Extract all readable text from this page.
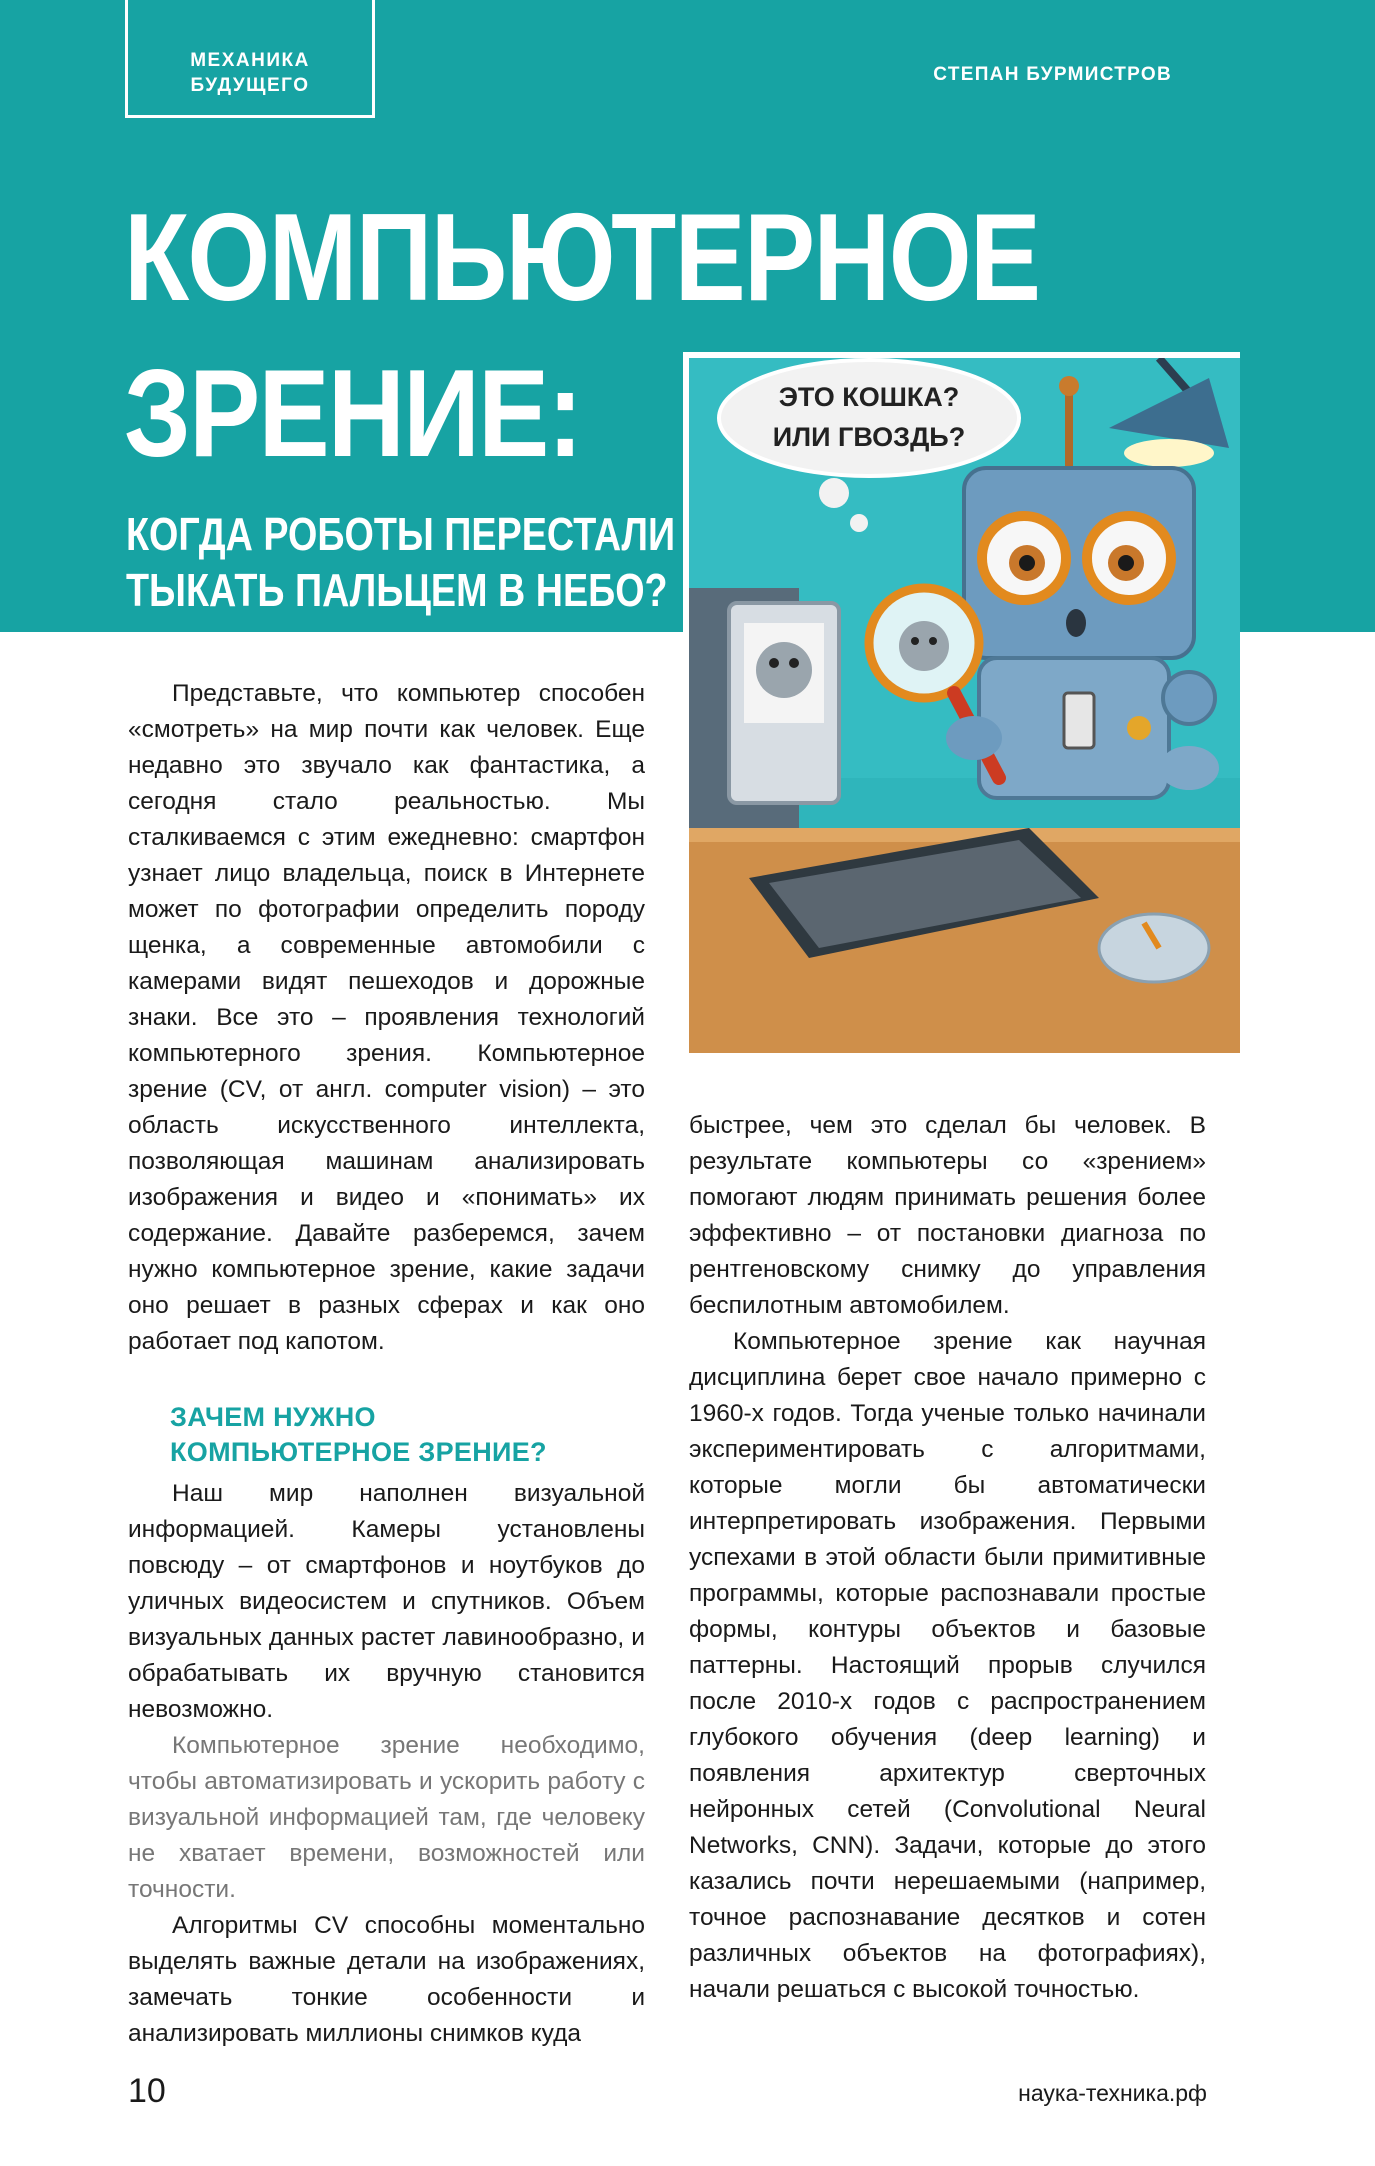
МЕХАНИКА
БУДУЩЕГО
СТЕПАН БУРМИСТРОВ
КОМПЬЮТЕРНОЕ
ЗРЕНИЕ:
КОГДА РОБОТЫ ПЕРЕСТАЛИ
ТЫКАТЬ ПАЛЬЦЕМ В НЕБО?
ЭТО КОШКА?
ИЛИ ГВОЗДЬ?

Представьте, что компьютер способен «смотреть» на мир почти как человек. Еще недавно это звучало как фантастика, а сегодня стало реальностью. Мы сталкиваемся с этим ежедневно: смартфон узнает лицо владельца, поиск в Интернете может по фотографии определить породу щенка, а современные автомобили с камерами видят пешеходов и дорожные знаки. Все это – проявления технологий компьютерного зрения. Компьютерное зрение (CV, от англ. computer vision) – это область искусственного интеллекта, позволяющая машинам анализировать изображения и видео и «понимать» их содержание. Давайте разберемся, зачем нужно компьютерное зрение, какие задачи оно решает в разных сферах и как оно работает под капотом.

ЗАЧЕМ НУЖНО
КОМПЬЮТЕРНОЕ ЗРЕНИЕ?

Наш мир наполнен визуальной информацией. Камеры установлены повсюду – от смартфонов и ноутбуков до уличных видеосистем и спутников. Объем визуальных данных растет лавинообразно, и обрабатывать их вручную становится невозможно.

Компьютерное зрение необходимо, чтобы автоматизировать и ускорить работу с визуальной информацией там, где человеку не хватает времени, возможностей или точности.

Алгоритмы CV способны моментально выделять важные детали на изображениях, замечать тонкие особенности и анализировать миллионы снимков куда

быстрее, чем это сделал бы человек. В результате компьютеры со «зрением» помогают людям принимать решения более эффективно – от постановки диагноза по рентгеновскому снимку до управления беспилотным автомобилем.

Компьютерное зрение как научная дисциплина берет свое начало примерно с 1960-х годов. Тогда ученые только начинали экспериментировать с алгоритмами, которые могли бы автоматически интерпретировать изображения. Первыми успехами в этой области были примитивные программы, которые распознавали простые формы, контуры объектов и базовые паттерны. Настоящий прорыв случился после 2010-х годов с распространением глубокого обучения (deep learning) и появления архитектур сверточных нейронных сетей (Convolutional Neural Networks, CNN). Задачи, которые до этого казались почти нерешаемыми (например, точное распознавание десятков и сотен различных объектов на фотографиях), начали решаться с высокой точностью.

10	наука-техника.рф
